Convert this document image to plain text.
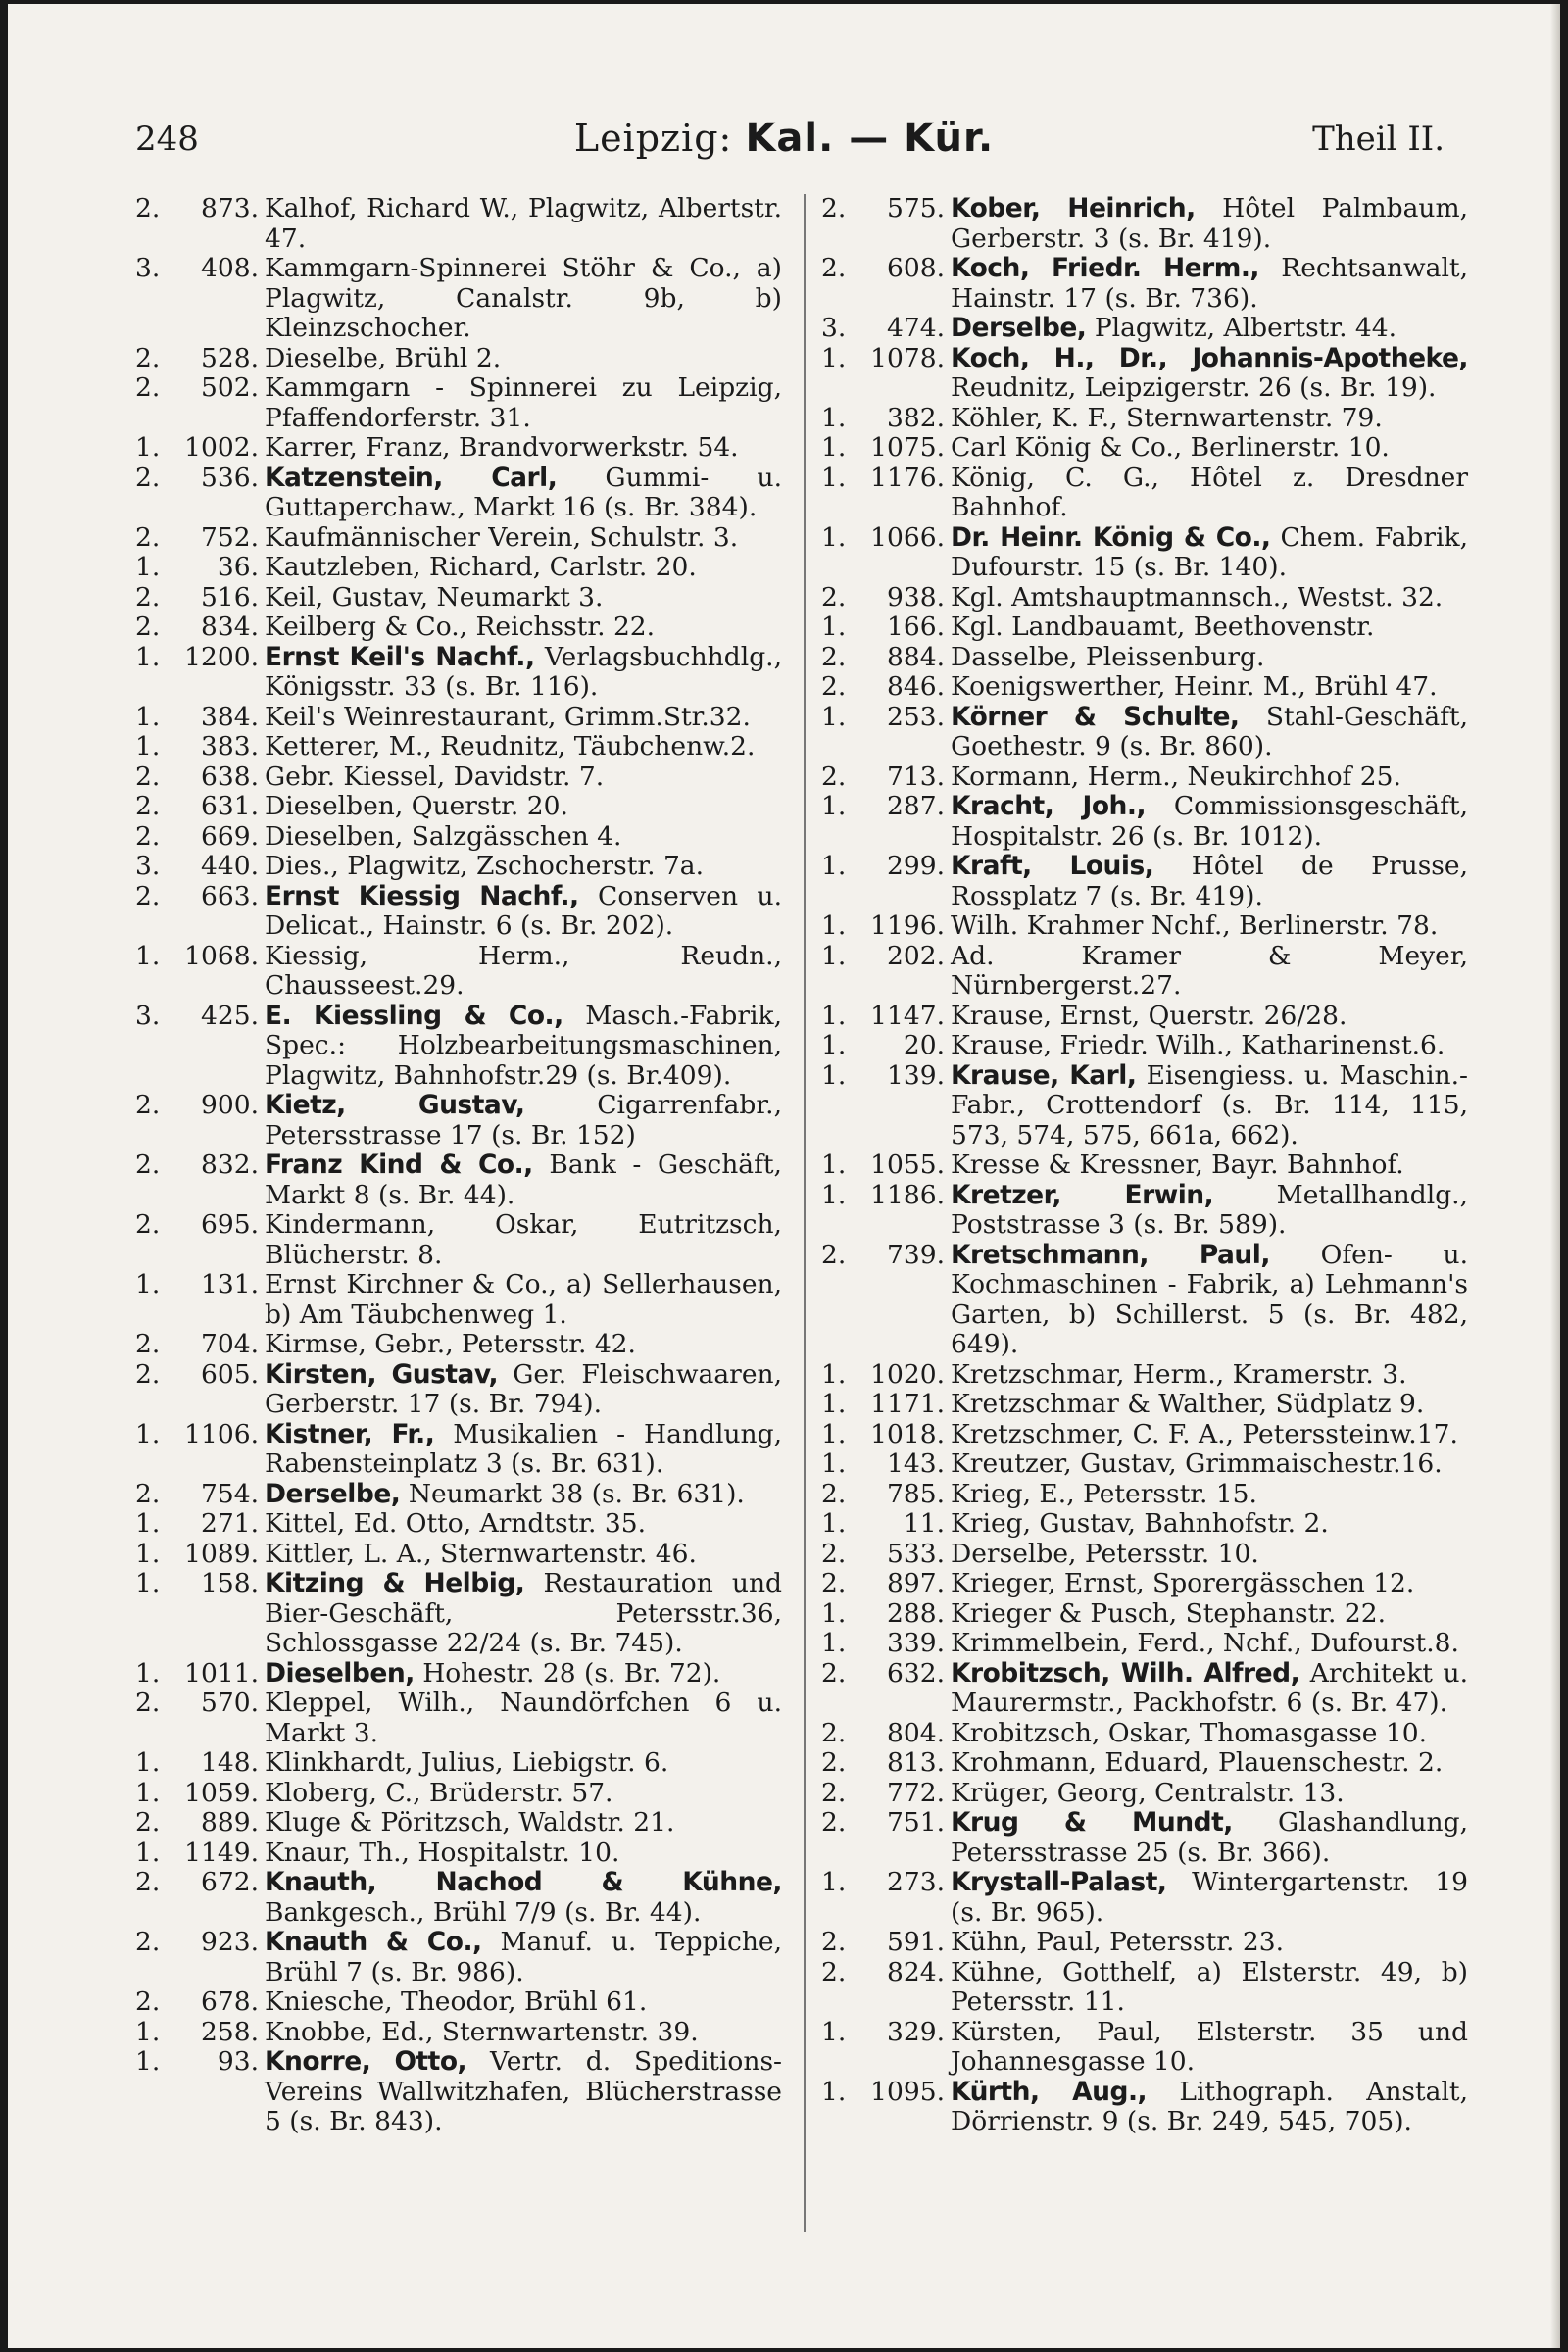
248	Leipzig: Kal. — Kür.	Theil II.
2.	873. Kalhof, Richard W., Plagwitz, Albertstr. 47.
3.	408. Kammgarn-Spinnerei Stöhr & Co., a) Plagwitz, Canalstr. 9b, b) Kleinzschocher.
2.	528. Dieselbe, Brühl 2.
2.	502. Kammgarn - Spinnerei zu Leipzig, Pfaffendorferstr. 31.
1. 1002. Karrer, Franz, Brandvorwerkstr. 54.
2.	536. Katzenstein, Carl, Gummi- u. Guttaperchaw., Markt 16 (s. Br. 384).
2.	752. Kaufmännischer Verein, Schulstr. 3.
1.	36. Kautzleben, Richard, Carlstr. 20.
2.	516. Keil, Gustav, Neumarkt 3.
2.	834. Keilberg & Co., Reichsstr. 22.
1. 1200. Ernst Keil's Nachf., Verlagsbuchhdlg., Königsstr. 33 (s. Br. 116).
1.	384. Keil's Weinrestaurant, Grimm.Str.32.
1.	383. Ketterer, M., Reudnitz, Täubchenw.2.
2.	638. Gebr. Kiessel, Davidstr. 7.
2.	631. Dieselben, Querstr. 20.
2.	669. Dieselben, Salzgässchen 4.
3.	440. Dies., Plagwitz, Zschocherstr. 7a.
2.	663. Ernst Kiessig Nachf., Conserven u. Delicat., Hainstr. 6 (s. Br. 202).
1. 1068. Kiessig, Herm., Reudn., Chausseest.29.
3.	425. E. Kiessling & Co., Masch.-Fabrik, Spec.: Holzbearbeitungsmaschinen, Plagwitz, Bahnhofstr.29 (s. Br.409).
2.	900. Kietz, Gustav, Cigarrenfabr., Petersstrasse 17 (s. Br. 152)
2.	832. Franz Kind & Co., Bank - Geschäft, Markt 8 (s. Br. 44).
2.	695. Kindermann, Oskar, Eutritzsch, Blücherstr. 8.
1.	131. Ernst Kirchner & Co., a) Sellerhausen, b) Am Täubchenweg 1.
2.	704. Kirmse, Gebr., Petersstr. 42.
2.	605. Kirsten, Gustav, Ger. Fleischwaaren, Gerberstr. 17 (s. Br. 794).
1. 1106. Kistner, Fr., Musikalien - Handlung, Rabensteinplatz 3 (s. Br. 631).
2.	754. Derselbe, Neumarkt 38 (s. Br. 631).
1.	271. Kittel, Ed. Otto, Arndtstr. 35.
1. 1089. Kittler, L. A., Sternwartenstr. 46.
1.	158. Kitzing & Helbig, Restauration und Bier-Geschäft, Petersstr.36, Schlossgasse 22/24 (s. Br. 745).
1. 1011. Dieselben, Hohestr. 28 (s. Br. 72).
2.	570. Kleppel, Wilh., Naundörfchen 6 u. Markt 3.
1.	148. Klinkhardt, Julius, Liebigstr. 6.
1. 1059. Kloberg, C., Brüderstr. 57.
2.	889. Kluge & Pöritzsch, Waldstr. 21.
1. 1149. Knaur, Th., Hospitalstr. 10.
2.	672. Knauth, Nachod & Kühne, Bankgesch., Brühl 7/9 (s. Br. 44).
2.	923. Knauth & Co., Manuf. u. Teppiche, Brühl 7 (s. Br. 986).
2.	678. Kniesche, Theodor, Brühl 61.
1.	258. Knobbe, Ed., Sternwartenstr. 39.
1.	93. Knorre, Otto, Vertr. d. Speditions-Vereins Wallwitzhafen, Blücherstrasse 5 (s. Br. 843).
2.	575. Kober, Heinrich, Hôtel Palmbaum, Gerberstr. 3 (s. Br. 419).
2.	608. Koch, Friedr. Herm., Rechtsanwalt, Hainstr. 17 (s. Br. 736).
3.	474. Derselbe, Plagwitz, Albertstr. 44.
1. 1078. Koch, H., Dr., Johannis-Apotheke, Reudnitz, Leipzigerstr. 26 (s. Br. 19).
1.	382. Köhler, K. F., Sternwartenstr. 79.
1. 1075. Carl König & Co., Berlinerstr. 10.
1. 1176. König, C. G., Hôtel z. Dresdner Bahnhof.
1. 1066. Dr. Heinr. König & Co., Chem. Fabrik, Dufourstr. 15 (s. Br. 140).
2.	938. Kgl. Amtshauptmannsch., Westst. 32.
1.	166. Kgl. Landbauamt, Beethovenstr.
2.	884. Dasselbe, Pleissenburg.
2.	846. Koenigswerther, Heinr. M., Brühl 47.
1.	253. Körner & Schulte, Stahl-Geschäft, Goethestr. 9 (s. Br. 860).
2.	713. Kormann, Herm., Neukirchhof 25.
1.	287. Kracht, Joh., Commissionsgeschäft, Hospitalstr. 26 (s. Br. 1012).
1.	299. Kraft, Louis, Hôtel de Prusse, Rossplatz 7 (s. Br. 419).
1. 1196. Wilh. Krahmer Nchf., Berlinerstr. 78.
1.	202. Ad. Kramer & Meyer, Nürnbergerst.27.
1. 1147. Krause, Ernst, Querstr. 26/28.
1.	20. Krause, Friedr. Wilh., Katharinenst.6.
1.	139. Krause, Karl, Eisengiess. u. Maschin.-Fabr., Crottendorf (s. Br. 114, 115, 573, 574, 575, 661a, 662).
1. 1055. Kresse & Kressner, Bayr. Bahnhof.
1. 1186. Kretzer, Erwin, Metallhandlg., Poststrasse 3 (s. Br. 589).
2.	739. Kretschmann, Paul, Ofen- u. Kochmaschinen - Fabrik, a) Lehmann's Garten, b) Schillerst. 5 (s. Br. 482, 649).
1. 1020. Kretzschmar, Herm., Kramerstr. 3.
1. 1171. Kretzschmar & Walther, Südplatz 9.
1. 1018. Kretzschmer, C. F. A., Peterssteinw.17.
1.	143. Kreutzer, Gustav, Grimmaischestr.16.
2.	785. Krieg, E., Petersstr. 15.
1.	11. Krieg, Gustav, Bahnhofstr. 2.
2.	533. Derselbe, Petersstr. 10.
2.	897. Krieger, Ernst, Sporergässchen 12.
1.	288. Krieger & Pusch, Stephanstr. 22.
1.	339. Krimmelbein, Ferd., Nchf., Dufourst.8.
2.	632. Krobitzsch, Wilh. Alfred, Architekt u. Maurermstr., Packhofstr. 6 (s. Br. 47).
2.	804. Krobitzsch, Oskar, Thomasgasse 10.
2.	813. Krohmann, Eduard, Plauenschestr. 2.
2.	772. Krüger, Georg, Centralstr. 13.
2.	751. Krug & Mundt, Glashandlung, Petersstrasse 25 (s. Br. 366).
1.	273. Krystall-Palast, Wintergartenstr. 19 (s. Br. 965).
2.	591. Kühn, Paul, Petersstr. 23.
2.	824. Kühne, Gotthelf, a) Elsterstr. 49, b) Petersstr. 11.
1.	329. Kürsten, Paul, Elsterstr. 35 und Johannesgasse 10.
1. 1095. Kürth, Aug., Lithograph. Anstalt, Dörrienstr. 9 (s. Br. 249, 545, 705).
